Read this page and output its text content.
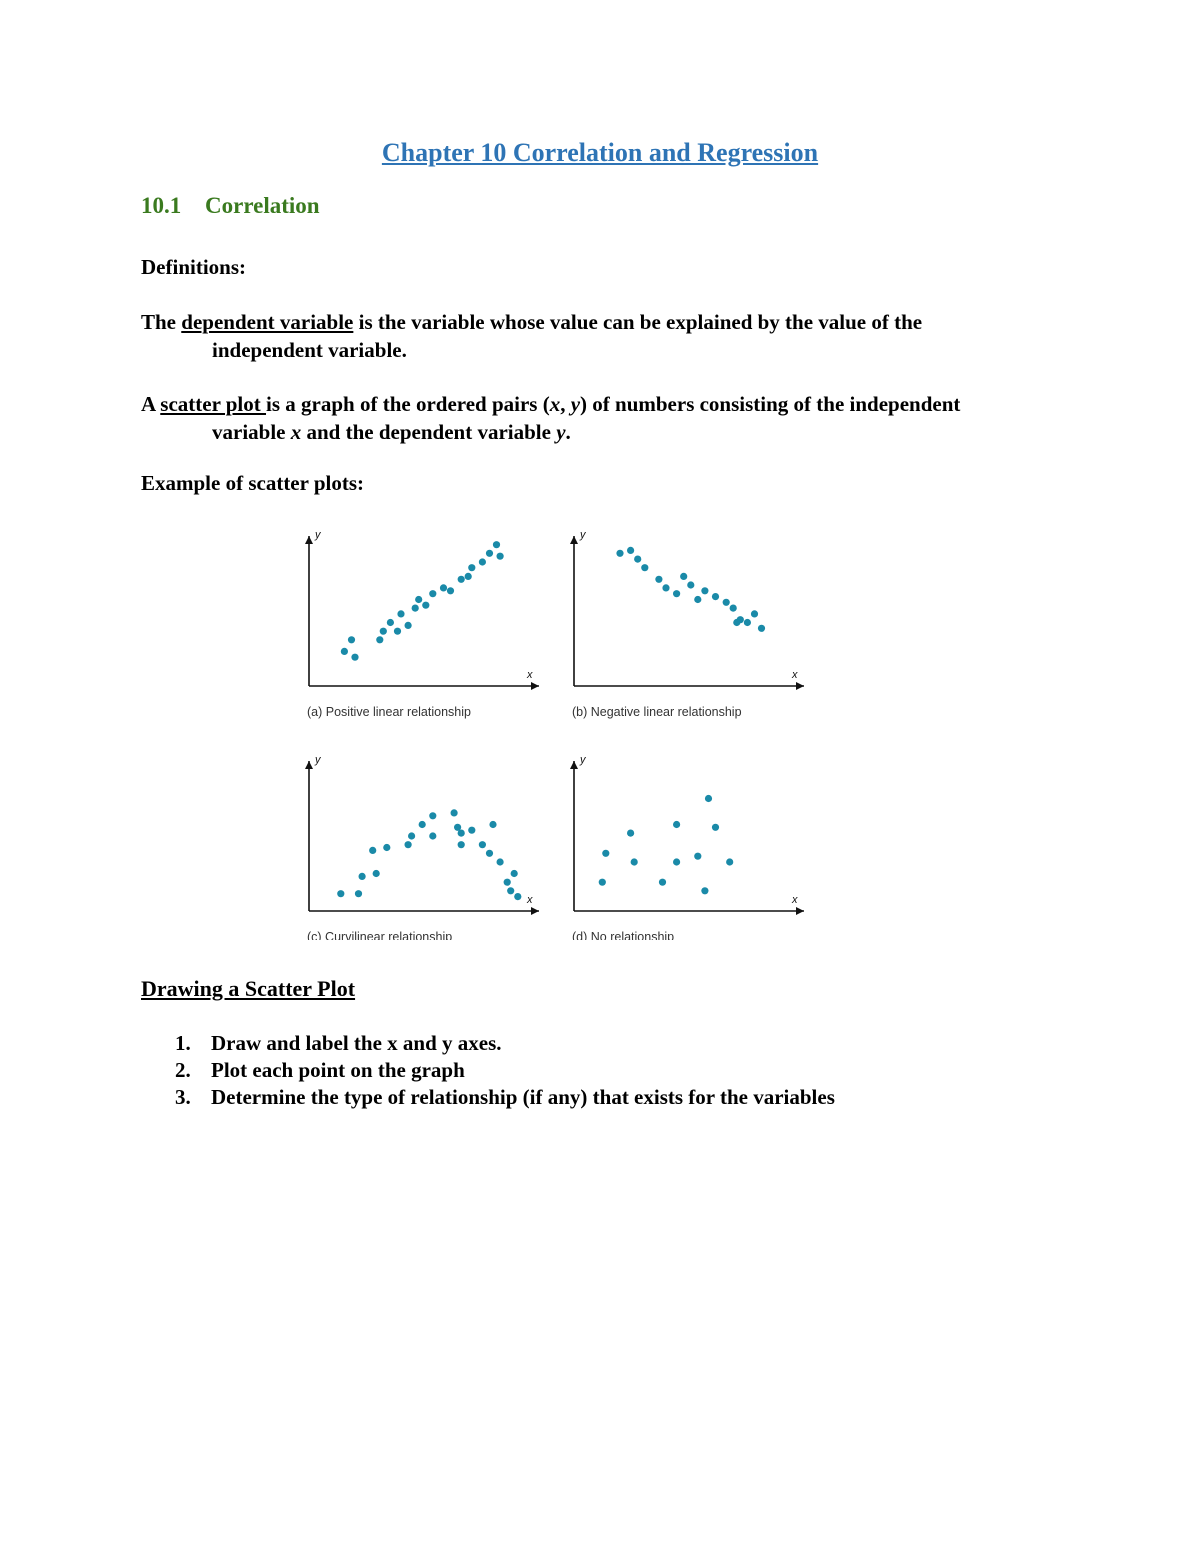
Chapter 10 Correlation and Regression
10.1 Correlation
Definitions:
The dependent variable is the variable whose value can be explained by the value of the
independent variable.
A scatter plot is a graph of the ordered pairs (x, y) of numbers consisting of the independent
variable x and the dependent variable y.
Example of scatter plots:
y
x
(a) Positive linear relationship
y
x
(b) Negative linear relationship
y
x
(c) Curvilinear relationship
y
x
(d) No relationship
Drawing a Scatter Plot
1. Draw and label the x and y axes.
2. Plot each point on the graph
3. Determine the type of relationship (if any) that exists for the variables
